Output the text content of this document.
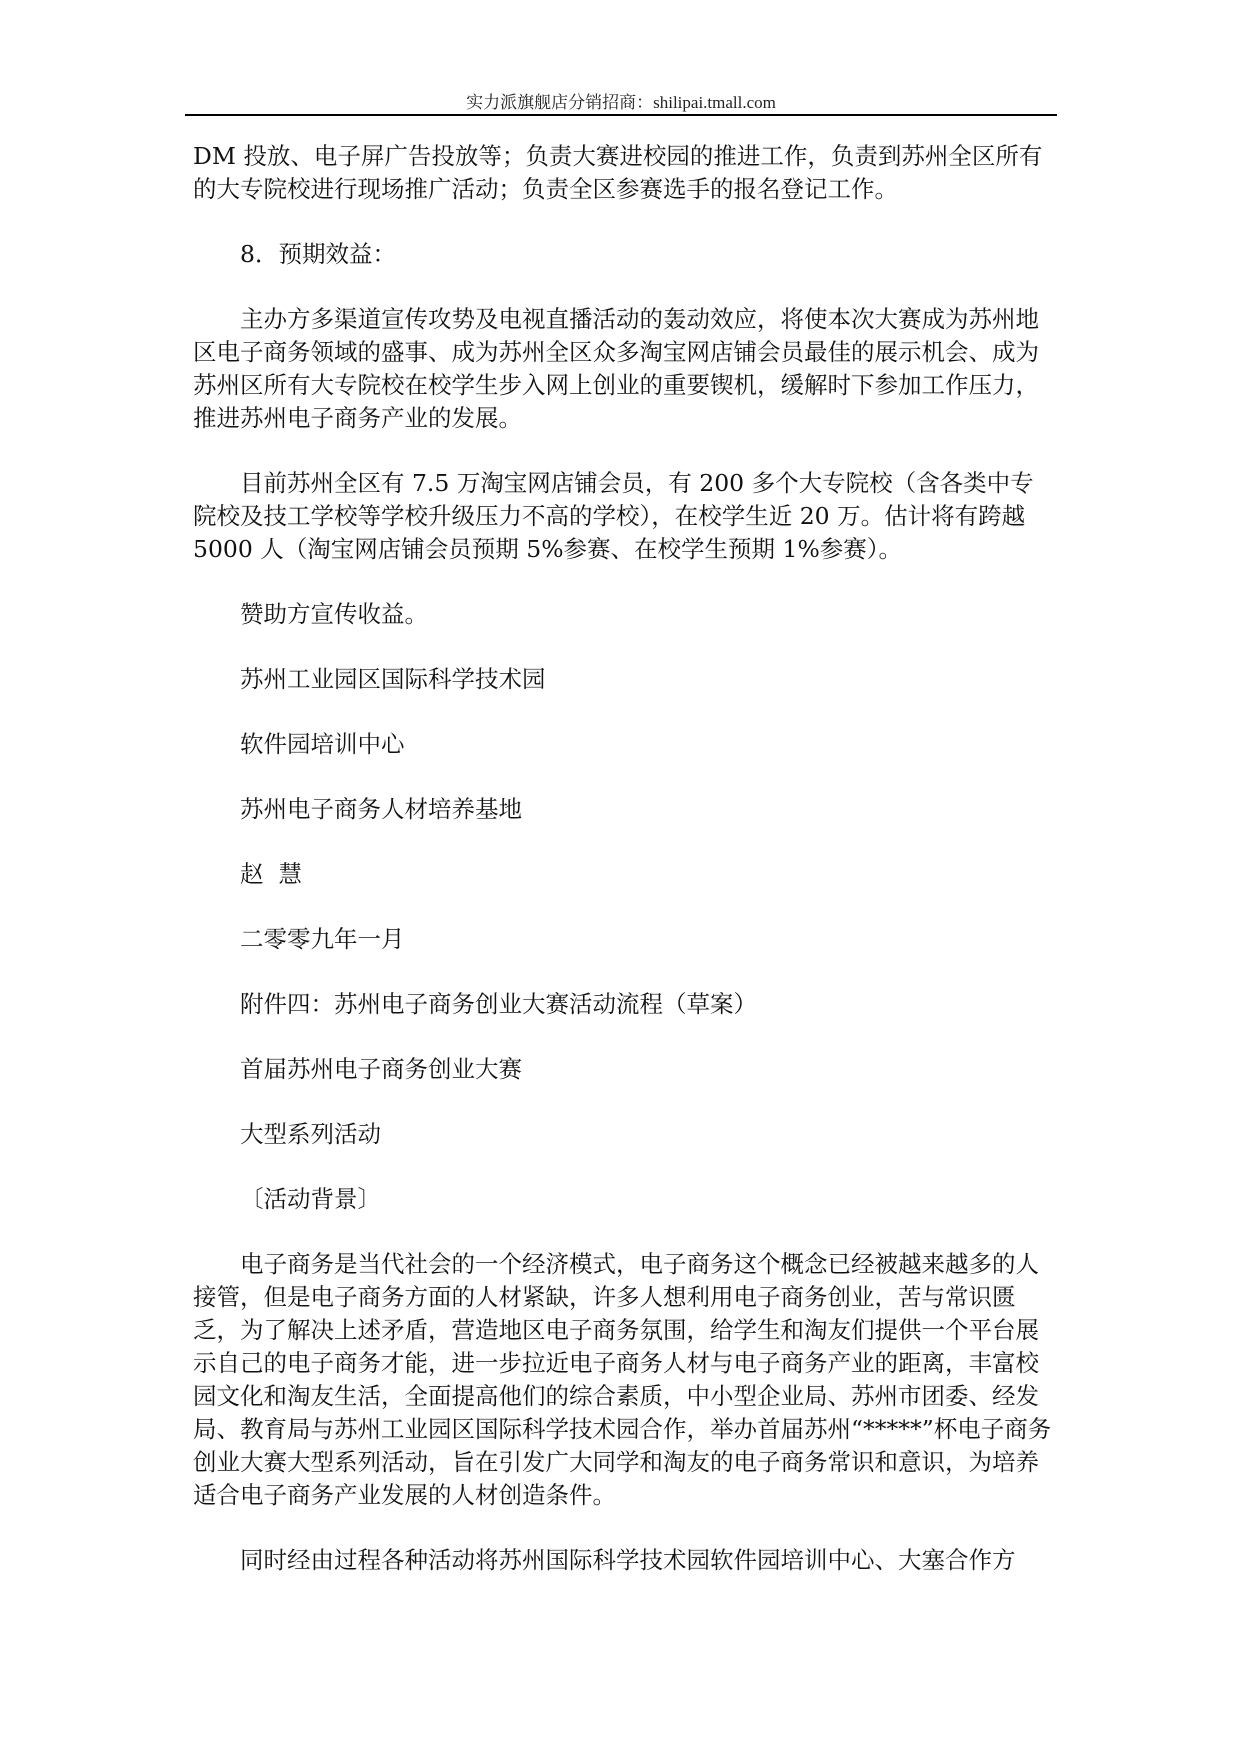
实力派旗舰店分销招商：shilipai.tmall.com

DM 投放、电子屏广告投放等；负责大赛进校园的推进工作，负责到苏州全区所有的大专院校进行现场推广活动；负责全区参赛选手的报名登记工作。

8．预期效益：

主办方多渠道宣传攻势及电视直播活动的轰动效应，将使本次大赛成为苏州地区电子商务领域的盛事、成为苏州全区众多淘宝网店铺会员最佳的展示机会、成为苏州区所有大专院校在校学生步入网上创业的重要锲机，缓解时下参加工作压力，推进苏州电子商务产业的发展。

目前苏州全区有 7.5 万淘宝网店铺会员，有 200 多个大专院校（含各类中专院校及技工学校等学校升级压力不高的学校），在校学生近 20 万。估计将有跨越 5000 人（淘宝网店铺会员预期 5%参赛、在校学生预期 1%参赛）。

赞助方宣传收益。

苏州工业园区国际科学技术园

软件园培训中心

苏州电子商务人材培养基地

赵  慧

二零零九年一月

附件四：苏州电子商务创业大赛活动流程（草案）

首届苏州电子商务创业大赛

大型系列活动

〔活动背景〕

电子商务是当代社会的一个经济模式，电子商务这个概念已经被越来越多的人接管，但是电子商务方面的人材紧缺，许多人想利用电子商务创业，苦与常识匮乏，为了解决上述矛盾，营造地区电子商务氛围，给学生和淘友们提供一个平台展示自己的电子商务才能，进一步拉近电子商务人材与电子商务产业的距离，丰富校园文化和淘友生活，全面提高他们的综合素质，中小型企业局、苏州市团委、经发局、教育局与苏州工业园区国际科学技术园合作，举办首届苏州“*****”杯电子商务创业大赛大型系列活动，旨在引发广大同学和淘友的电子商务常识和意识，为培养适合电子商务产业发展的人材创造条件。

同时经由过程各种活动将苏州国际科学技术园软件园培训中心、大塞合作方
